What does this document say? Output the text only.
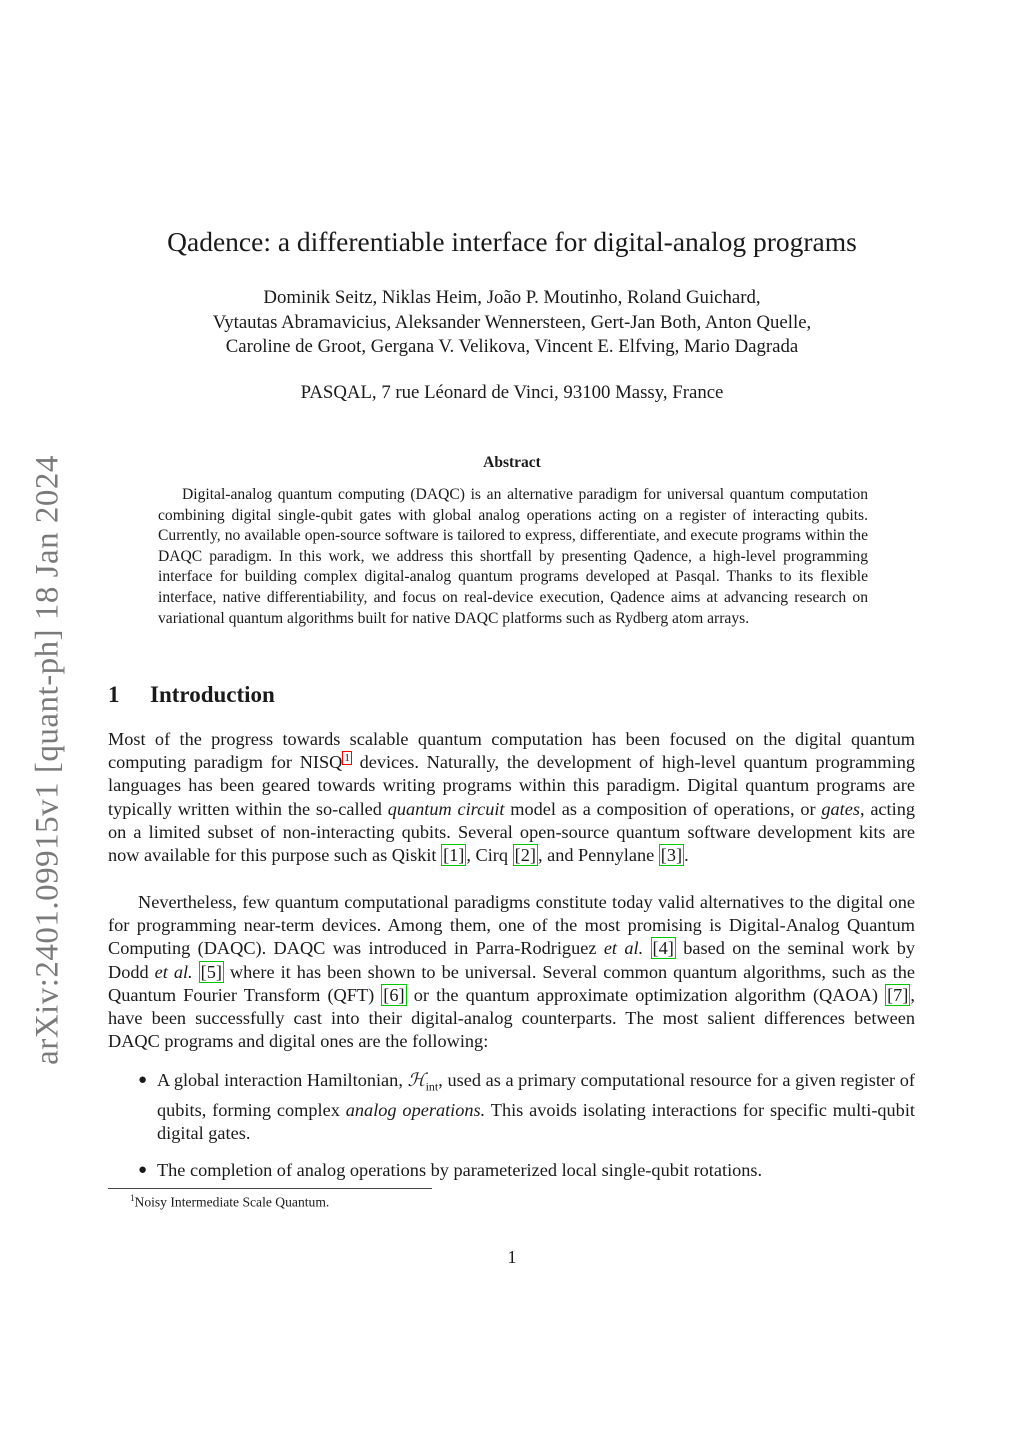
arXiv:2401.09915v1 [quant-ph] 18 Jan 2024
Qadence: a differentiable interface for digital-analog programs
Dominik Seitz, Niklas Heim, João P. Moutinho, Roland Guichard,
Vytautas Abramavicius, Aleksander Wennersteen, Gert-Jan Both, Anton Quelle,
Caroline de Groot, Gergana V. Velikova, Vincent E. Elfving, Mario Dagrada
PASQAL, 7 rue Léonard de Vinci, 93100 Massy, France
Abstract
Digital-analog quantum computing (DAQC) is an alternative paradigm for universal quantum computation combining digital single-qubit gates with global analog operations acting on a register of interacting qubits. Currently, no available open-source software is tailored to express, differentiate, and execute programs within the DAQC paradigm. In this work, we address this shortfall by presenting Qadence, a high-level programming interface for building complex digital-analog quantum programs developed at Pasqal. Thanks to its flexible interface, native differentiability, and focus on real-device execution, Qadence aims at advancing research on variational quantum algorithms built for native DAQC platforms such as Rydberg atom arrays.
1 Introduction

Most of the progress towards scalable quantum computation has been focused on the digital quantum computing paradigm for NISQ $^1$ devices. Naturally, the development of high-level quantum programming languages has been geared towards writing programs within this paradigm. Digital quantum programs are typically written within the so-called quantum circuit model as a composition of operations, or gates, acting on a limited subset of non-interacting qubits. Several open-source quantum software development kits are now available for this purpose such as Qiskit [1] , Cirq [2] , and Pennylane [3] .

Nevertheless, few quantum computational paradigms constitute today valid alternatives to the digital one for programming near-term devices. Among them, one of the most promising is Digital-Analog Quantum Computing (DAQC). DAQC was introduced in Parra-Rodriguez et al. [4] based on the seminal work by Dodd et al. [5] where it has been shown to be universal. Several common quantum algorithms, such as the Quantum Fourier Transform (QFT) [6] or the quantum approximate optimization algorithm (QAOA) [7] , have been successfully cast into their digital-analog counterparts. The most salient differences between DAQC programs and digital ones are the following:

● A global interaction Hamiltonian, ℋ$_{int}$, used as a primary computational resource for a given register of qubits, forming complex analog operations. This avoids isolating interactions for specific multi-qubit digital gates.
● The completion of analog operations by parameterized local single-qubit rotations.
$^1$Noisy Intermediate Scale Quantum.
1
